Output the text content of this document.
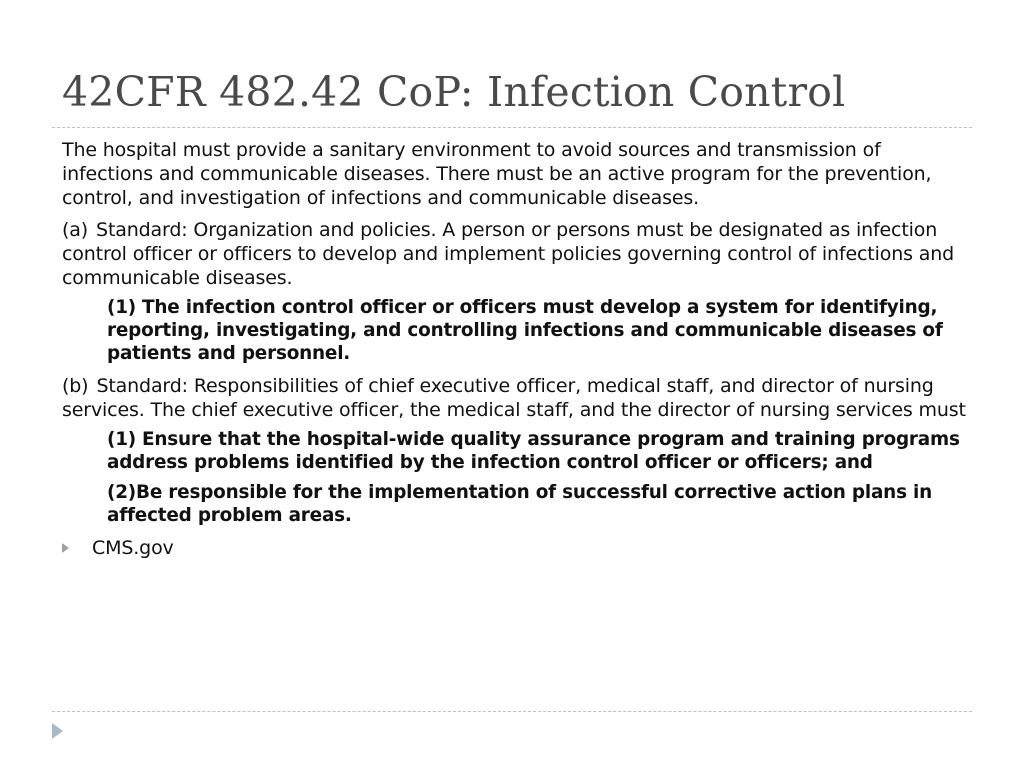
42CFR 482.42 CoP: Infection Control

The hospital must provide a sanitary environment to avoid sources and transmission of infections and communicable diseases. There must be an active program for the prevention, control, and investigation of infections and communicable diseases.

(a) Standard: Organization and policies. A person or persons must be designated as infection control officer or officers to develop and implement policies governing control of infections and communicable diseases.

(1) The infection control officer or officers must develop a system for identifying, reporting, investigating, and controlling infections and communicable diseases of patients and personnel.

(b) Standard: Responsibilities of chief executive officer, medical staff, and director of nursing services. The chief executive officer, the medical staff, and the director of nursing services must

(1) Ensure that the hospital-wide quality assurance program and training programs address problems identified by the infection control officer or officers; and

(2)Be responsible for the implementation of successful corrective action plans in affected problem areas.

CMS.gov
